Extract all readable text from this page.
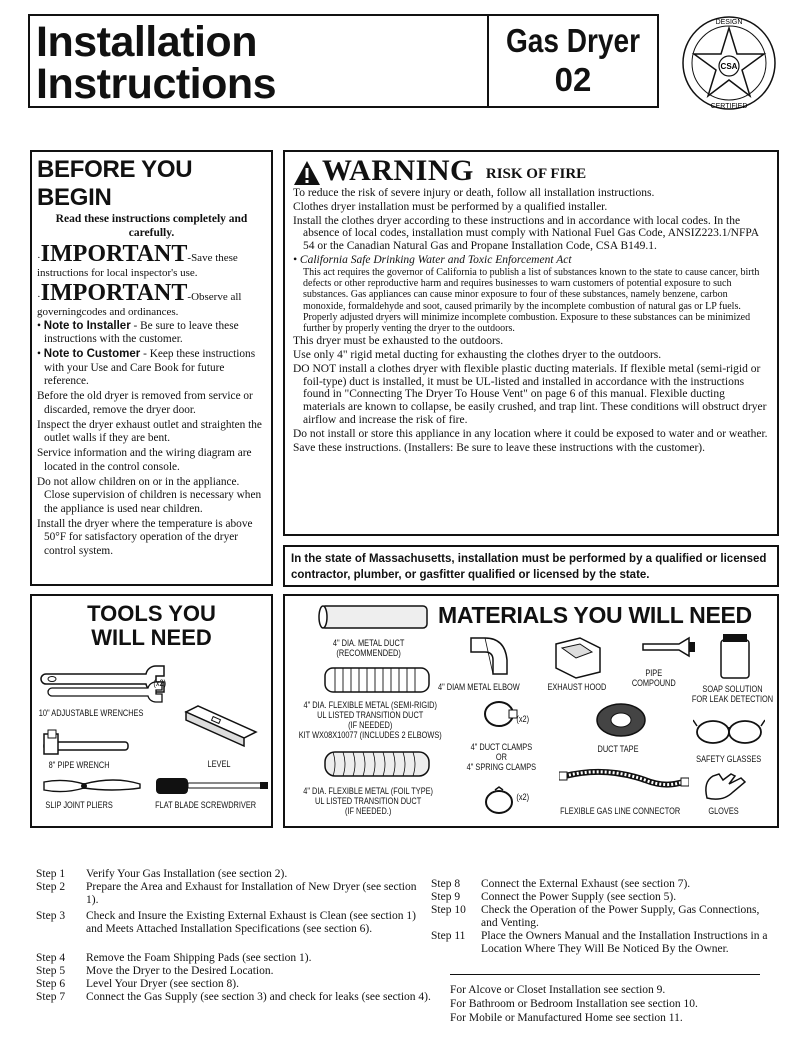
Installation
Instructions
Gas Dryer
02	CSA
DESIGN
CERTIFIED
BEFORE YOU BEGIN

Read these instructions completely and carefully.

·IMPORTANT-Save these instructions for local inspector's use.

·IMPORTANT-Observe all governingcodes and ordinances.

• Note to Installer - Be sure to leave these instructions with the customer.

• Note to Customer - Keep these instructions with your Use and Care Book for future reference.

Before the old dryer is removed from service or discarded, remove the dryer door.

Inspect the dryer exhaust outlet and straighten the outlet walls if they are bent.

Service information and the wiring diagram are located in the control console.

Do not allow children on or in the appliance. Close supervision of children is necessary when the appliance is used near children.

Install the dryer where the temperature is above 50°F for satisfactory operation of the dryer control system.

WARNING RISK OF FIRE

To reduce the risk of severe injury or death, follow all installation instructions.

Clothes dryer installation must be performed by a qualified installer.

Install the clothes dryer according to these instructions and in accordance with local codes. In the absence of local codes, installation must comply with National Fuel Gas Code, ANSIZ223.1/NFPA 54 or the Canadian Natural Gas and Propane Installation Code, CSA B149.1.

• California Safe Drinking Water and Toxic Enforcement Act

This act requires the governor of California to publish a list of substances known to the state to cause cancer, birth defects or other reproductive harm and requires businesses to warn customers of potential exposure to such substances. Gas appliances can cause minor exposure to four of these substances, namely benzene, carbon monoxide, formaldehyde and soot, caused primarily by the incomplete combustion of natural gas or LP fuels. Properly adjusted dryers will minimize incomplete combustion. Exposure to these substances can be minimized further by properly venting the dryer to the outdoors.

This dryer must be exhausted to the outdoors.

Use only 4" rigid metal ducting for exhausting the clothes dryer to the outdoors.

DO NOT install a clothes dryer with flexible plastic ducting materials. If flexible metal (semi-rigid or foil-type) duct is installed, it must be UL-listed and installed in accordance with the instructions found in "Connecting The Dryer To House Vent" on page 6 of this manual. Flexible ducting materials are known to collapse, be easily crushed, and trap lint. These conditions will obstruct dryer airflow and increase the risk of fire.

Do not install or store this appliance in any location where it could be exposed to water and or weather.

Save these instructions. (Installers: Be sure to leave these instructions with the customer).

In the state of Massachusetts, installation must be performed by a qualified or licensed contractor, plumber, or gasfitter qualified or licensed by the state.

TOOLS YOU
WILL NEED
(x2)
10" ADJUSTABLE WRENCHES
LEVEL
8" PIPE WRENCH
SLIP JOINT PLIERS	FLAT BLADE SCREWDRIVER
MATERIALS YOU WILL NEED
4" DIA. METAL DUCT
(RECOMMENDED)
4" DIA. FLEXIBLE METAL (SEMI-RIGID)
UL LISTED TRANSITION DUCT
(IF NEEDED)
KIT WX08X10077 (INCLUDES 2 ELBOWS)
4" DIA. FLEXIBLE METAL (FOIL TYPE)
UL LISTED TRANSITION DUCT
(IF NEEDED.)
4" DIAM METAL ELBOW	EXHAUST HOOD
PIPE
COMPOUND
SOAP SOLUTION
FOR LEAK DETECTION
(x2)
4" DUCT CLAMPS
OR
4" SPRING CLAMPS
(x2)
DUCT TAPE
SAFETY GLASSES
FLEXIBLE GAS LINE CONNECTOR	GLOVES
Step 1	Verify Your Gas Installation (see section 2).
Step 2	Prepare the Area and Exhaust for Installation of New Dryer (see section 1).
Step 3	Check and Insure the Existing External Exhaust is Clean (see section 1) and Meets Attached Installation Specifications (see section 6).
Step 4	Remove the Foam Shipping Pads (see section 1).
Step 5	Move the Dryer to the Desired Location.
Step 6	Level Your Dryer (see section 8).
Step 7	Connect the Gas Supply (see section 3) and check for leaks (see section 4).
Step 8	Connect the External Exhaust (see section 7).
Step 9	Connect the Power Supply (see section 5).
Step 10	Check the Operation of the Power Supply, Gas Connections, and Venting.
Step 11	Place the Owners Manual and the Installation Instructions in a Location Where They Will Be Noticed By the Owner.
For Alcove or Closet Installation see section 9.
For Bathroom or Bedroom Installation see section 10.
For Mobile or Manufactured Home see section 11.
